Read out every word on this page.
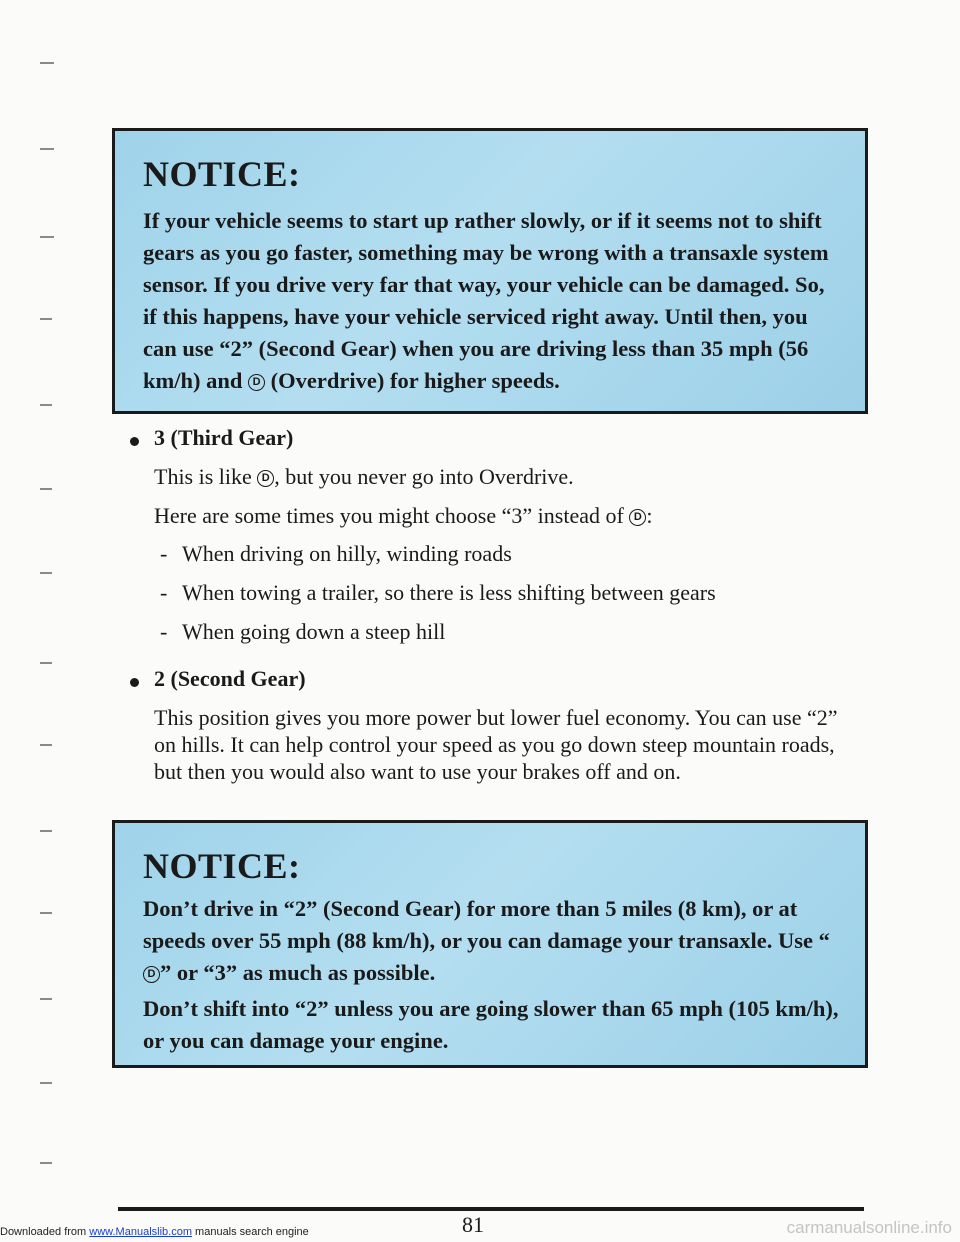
NOTICE:
If your vehicle seems to start up rather slowly, or if it seems not to shift gears as you go faster, something may be wrong with a transaxle system sensor. If you drive very far that way, your vehicle can be damaged. So, if this happens, have your vehicle serviced right away. Until then, you can use “2” (Second Gear) when you are driving less than 35 mph (56 km/h) and D (Overdrive) for higher speeds.
3 (Third Gear)
This is like D , but you never go into Overdrive.
Here are some times you might choose “3” instead of D :
- When driving on hilly, winding roads
- When towing a trailer, so there is less shifting between gears
- When going down a steep hill
2 (Second Gear)
This position gives you more power but lower fuel economy. You can use “2” on hills. It can help control your speed as you go down steep mountain roads, but then you would also want to use your brakes off and on.
NOTICE:
Don’t drive in “2” (Second Gear) for more than 5 miles (8 km), or at speeds over 55 mph (88 km/h), or you can damage your transaxle. Use “D ” or “3” as much as possible.
Don’t shift into “2” unless you are going slower than 65 mph (105 km/h), or you can damage your engine.
81
Downloaded from www.Manualslib.com manuals search engine	carmanualsonline.info
